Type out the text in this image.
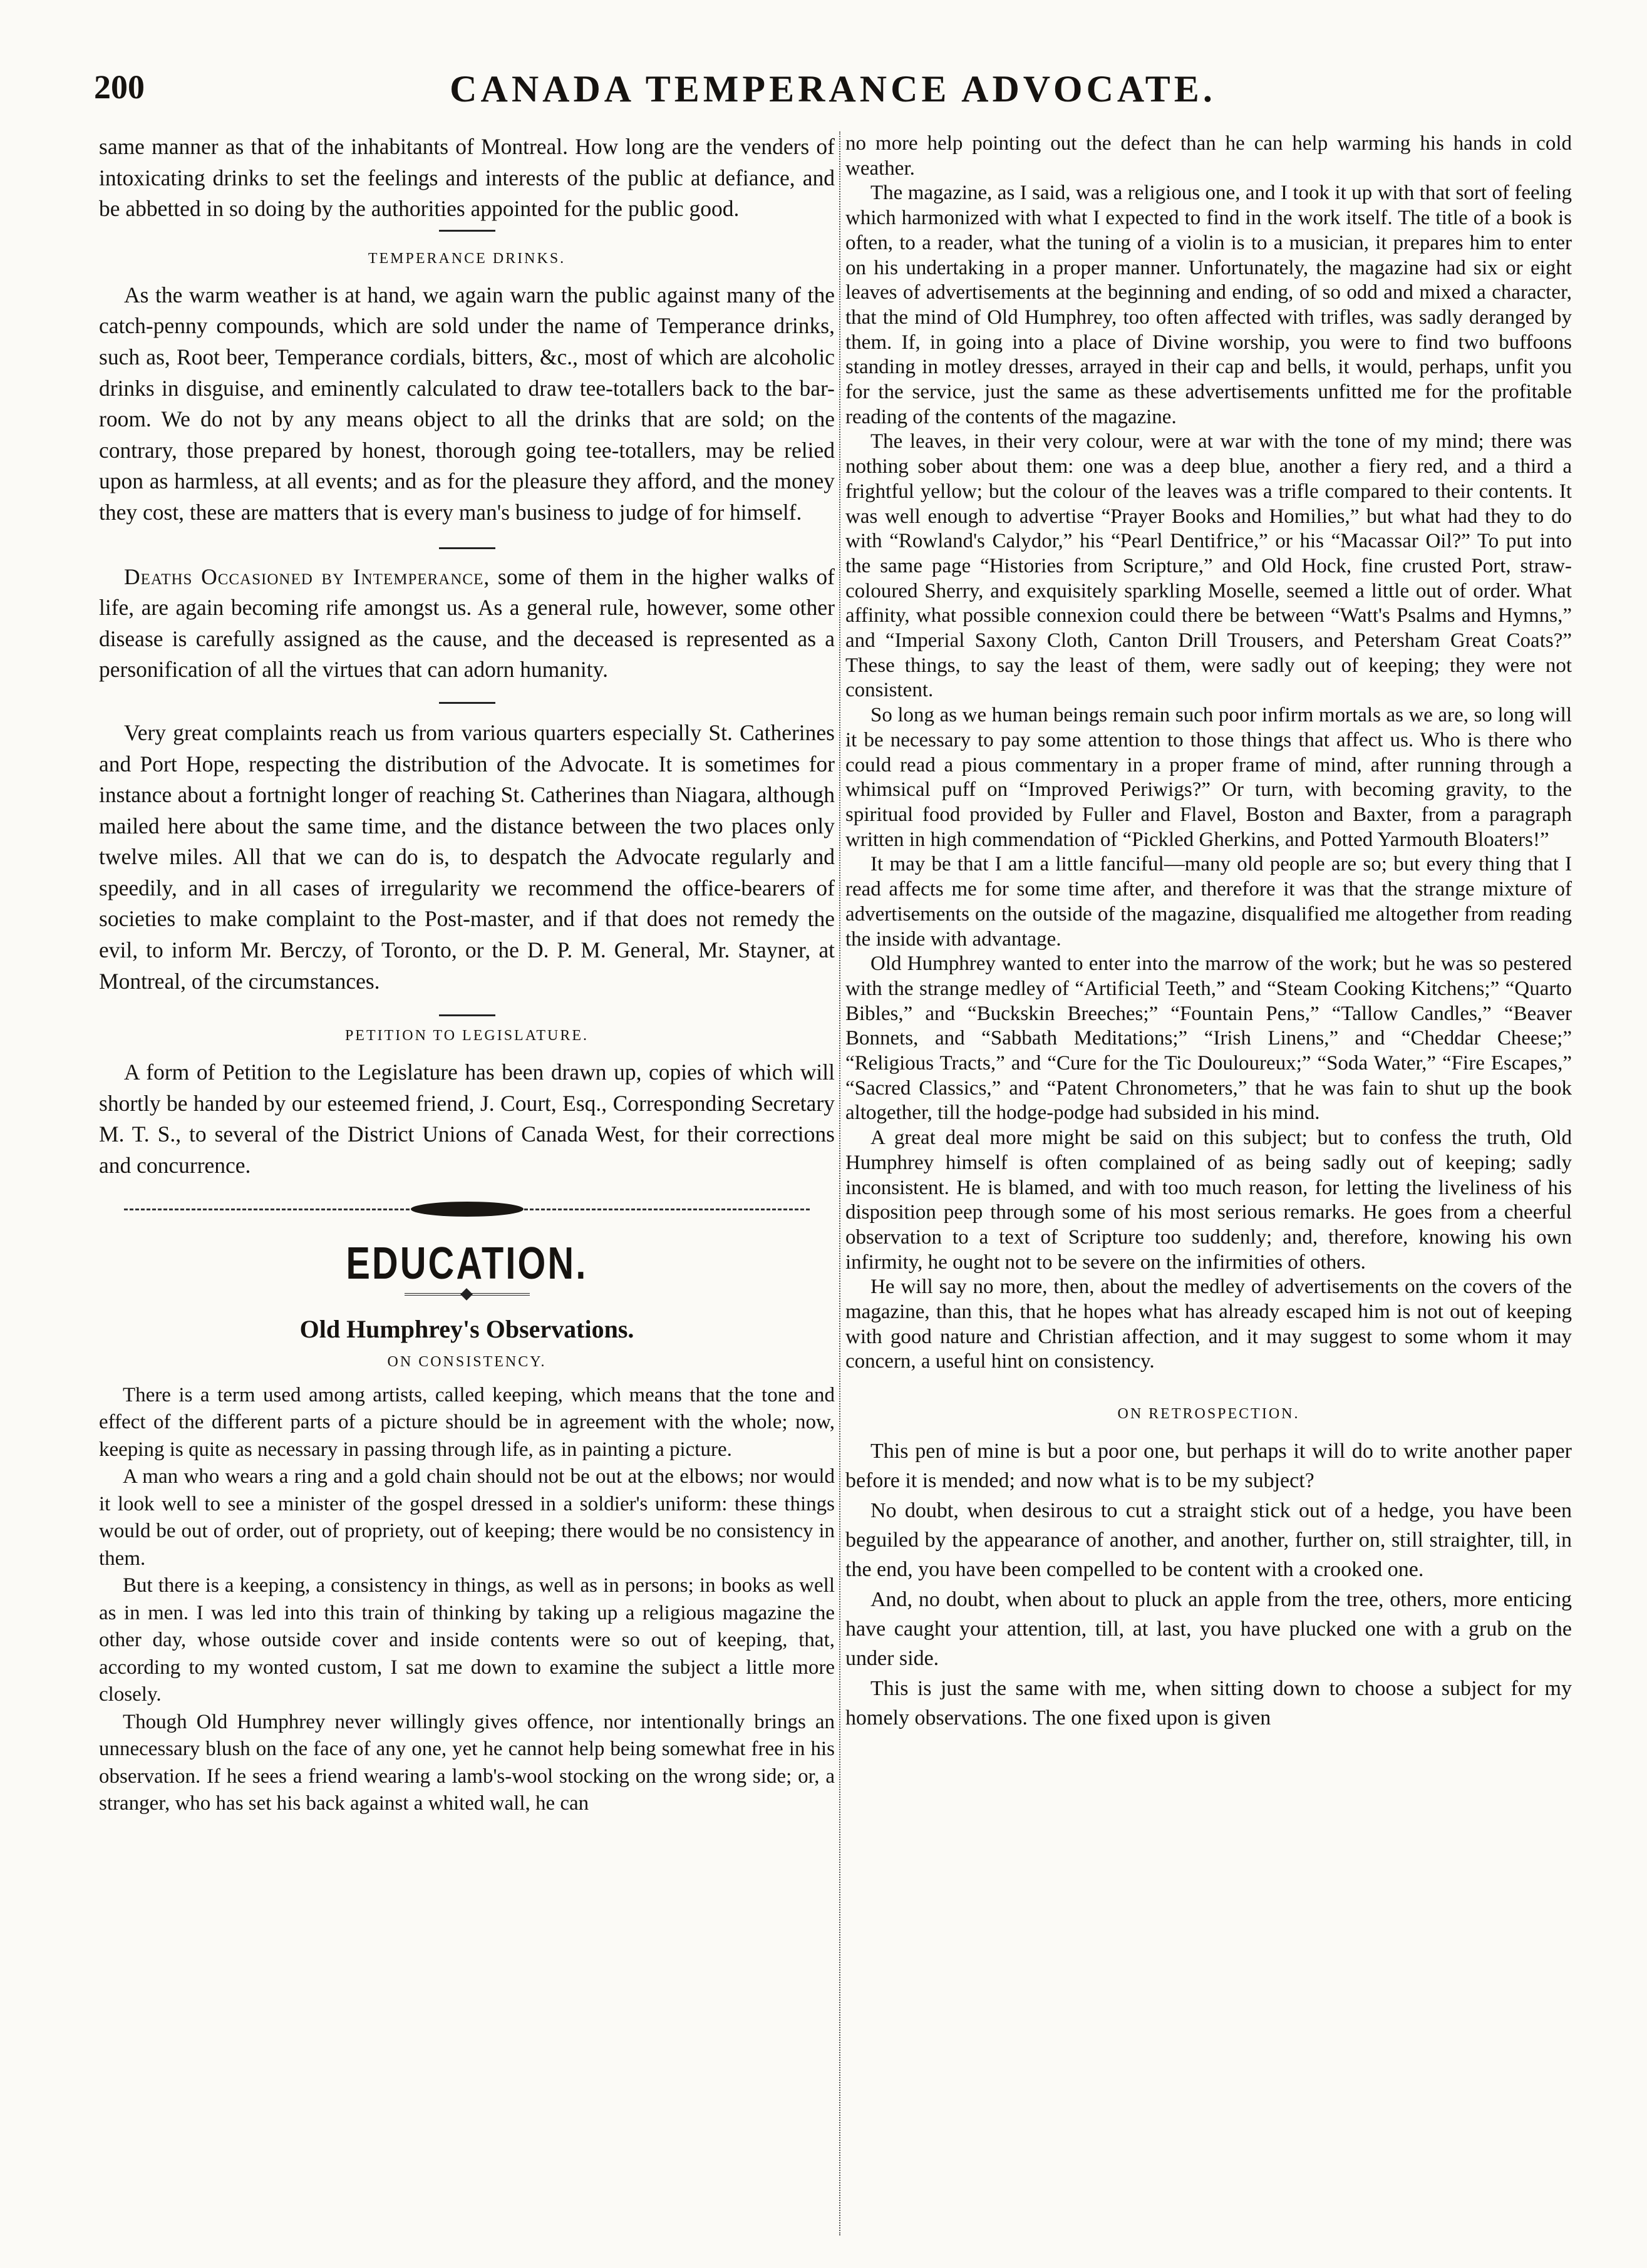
200	CANADA TEMPERANCE ADVOCATE.

same manner as that of the inhabitants of Montreal. How long are the venders of intoxicating drinks to set the feelings and interests of the public at defiance, and be abbetted in so doing by the authorities appointed for the public good.

TEMPERANCE DRINKS.

As the warm weather is at hand, we again warn the public against many of the catch-penny compounds, which are sold under the name of Temperance drinks, such as, Root beer, Temperance cordials, bitters, &c., most of which are alcoholic drinks in disguise, and eminently calculated to draw tee-totallers back to the bar-room. We do not by any means object to all the drinks that are sold; on the contrary, those prepared by honest, thorough going tee-totallers, may be relied upon as harmless, at all events; and as for the pleasure they afford, and the money they cost, these are matters that is every man's business to judge of for himself.

Deaths Occasioned by Intemperance, some of them in the higher walks of life, are again becoming rife amongst us. As a general rule, however, some other disease is carefully assigned as the cause, and the deceased is represented as a personification of all the virtues that can adorn humanity.

Very great complaints reach us from various quarters especially St. Catherines and Port Hope, respecting the distribution of the Advocate. It is sometimes for instance about a fortnight longer of reaching St. Catherines than Niagara, although mailed here about the same time, and the distance between the two places only twelve miles. All that we can do is, to despatch the Advocate regularly and speedily, and in all cases of irregularity we recommend the office-bearers of societies to make complaint to the Post-master, and if that does not remedy the evil, to inform Mr. Berczy, of Toronto, or the D. P. M. General, Mr. Stayner, at Montreal, of the circumstances.

PETITION TO LEGISLATURE.

A form of Petition to the Legislature has been drawn up, copies of which will shortly be handed by our esteemed friend, J. Court, Esq., Corresponding Secretary M. T. S., to several of the District Unions of Canada West, for their corrections and concurrence.

EDUCATION.
Old Humphrey's Observations.
ON CONSISTENCY.

There is a term used among artists, called keeping, which means that the tone and effect of the different parts of a picture should be in agreement with the whole; now, keeping is quite as necessary in passing through life, as in painting a picture.

A man who wears a ring and a gold chain should not be out at the elbows; nor would it look well to see a minister of the gospel dressed in a soldier's uniform: these things would be out of order, out of propriety, out of keeping; there would be no consistency in them.

But there is a keeping, a consistency in things, as well as in persons; in books as well as in men. I was led into this train of thinking by taking up a religious magazine the other day, whose outside cover and inside contents were so out of keeping, that, according to my wonted custom, I sat me down to examine the subject a little more closely.

Though Old Humphrey never willingly gives offence, nor intentionally brings an unnecessary blush on the face of any one, yet he cannot help being somewhat free in his observation. If he sees a friend wearing a lamb's-wool stocking on the wrong side; or, a stranger, who has set his back against a whited wall, he can

no more help pointing out the defect than he can help warming his hands in cold weather.

The magazine, as I said, was a religious one, and I took it up with that sort of feeling which harmonized with what I expected to find in the work itself. The title of a book is often, to a reader, what the tuning of a violin is to a musician, it prepares him to enter on his undertaking in a proper manner. Unfortunately, the magazine had six or eight leaves of advertisements at the beginning and ending, of so odd and mixed a character, that the mind of Old Humphrey, too often affected with trifles, was sadly deranged by them. If, in going into a place of Divine worship, you were to find two buffoons standing in motley dresses, arrayed in their cap and bells, it would, perhaps, unfit you for the service, just the same as these advertisements unfitted me for the profitable reading of the contents of the magazine.

The leaves, in their very colour, were at war with the tone of my mind; there was nothing sober about them: one was a deep blue, another a fiery red, and a third a frightful yellow; but the colour of the leaves was a trifle compared to their contents. It was well enough to advertise “Prayer Books and Homilies,” but what had they to do with “Rowland's Calydor,” his “Pearl Dentifrice,” or his “Macassar Oil?” To put into the same page “Histories from Scripture,” and Old Hock, fine crusted Port, straw-coloured Sherry, and exquisitely sparkling Moselle, seemed a little out of order. What affinity, what possible connexion could there be between “Watt's Psalms and Hymns,” and “Imperial Saxony Cloth, Canton Drill Trousers, and Petersham Great Coats?” These things, to say the least of them, were sadly out of keeping; they were not consistent.

So long as we human beings remain such poor infirm mortals as we are, so long will it be necessary to pay some attention to those things that affect us. Who is there who could read a pious commentary in a proper frame of mind, after running through a whimsical puff on “Improved Periwigs?” Or turn, with becoming gravity, to the spiritual food provided by Fuller and Flavel, Boston and Baxter, from a paragraph written in high commendation of “Pickled Gherkins, and Potted Yarmouth Bloaters!”

It may be that I am a little fanciful—many old people are so; but every thing that I read affects me for some time after, and therefore it was that the strange mixture of advertisements on the outside of the magazine, disqualified me altogether from reading the inside with advantage.

Old Humphrey wanted to enter into the marrow of the work; but he was so pestered with the strange medley of “Artificial Teeth,” and “Steam Cooking Kitchens;” “Quarto Bibles,” and “Buckskin Breeches;” “Fountain Pens,” “Tallow Candles,” “Beaver Bonnets, and “Sabbath Meditations;” “Irish Linens,” and “Cheddar Cheese;” “Religious Tracts,” and “Cure for the Tic Douloureux;” “Soda Water,” “Fire Escapes,” “Sacred Classics,” and “Patent Chronometers,” that he was fain to shut up the book altogether, till the hodge-podge had subsided in his mind.

A great deal more might be said on this subject; but to confess the truth, Old Humphrey himself is often complained of as being sadly out of keeping; sadly inconsistent. He is blamed, and with too much reason, for letting the liveliness of his disposition peep through some of his most serious remarks. He goes from a cheerful observation to a text of Scripture too suddenly; and, therefore, knowing his own infirmity, he ought not to be severe on the infirmities of others.

He will say no more, then, about the medley of advertisements on the covers of the magazine, than this, that he hopes what has already escaped him is not out of keeping with good nature and Christian affection, and it may suggest to some whom it may concern, a useful hint on consistency.

ON RETROSPECTION.

This pen of mine is but a poor one, but perhaps it will do to write another paper before it is mended; and now what is to be my subject?

No doubt, when desirous to cut a straight stick out of a hedge, you have been beguiled by the appearance of another, and another, further on, still straighter, till, in the end, you have been compelled to be content with a crooked one.

And, no doubt, when about to pluck an apple from the tree, others, more enticing have caught your attention, till, at last, you have plucked one with a grub on the under side.

This is just the same with me, when sitting down to choose a subject for my homely observations. The one fixed upon is given
